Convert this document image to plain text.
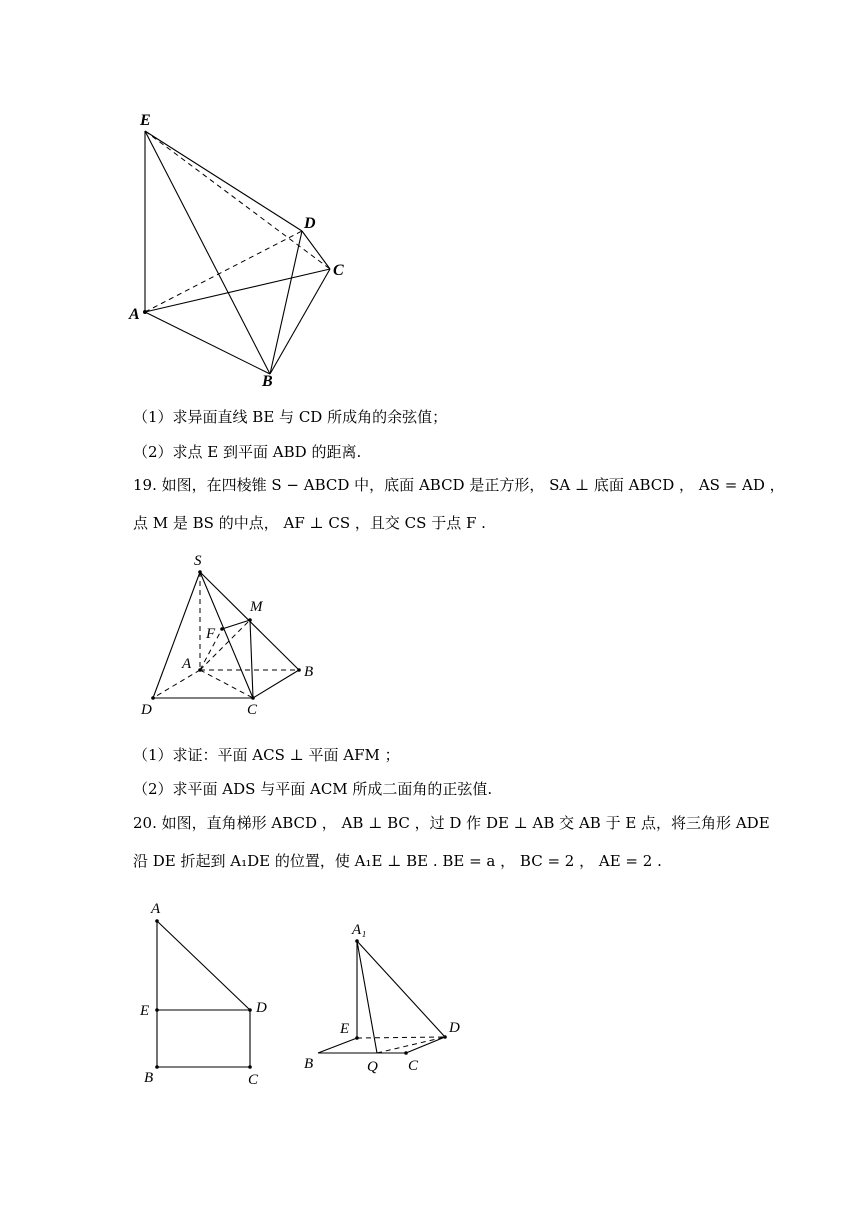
E
D
C
A
B
（1）求异面直线 BE 与 CD 所成角的余弦值；
（2）求点 E 到平面 ABD 的距离.
19. 如图，在四棱锥 S − ABCD 中，底面 ABCD 是正方形， SA ⊥ 底面 ABCD ， AS = AD ，
点 M 是 BS 的中点， AF ⊥ CS ，且交 CS 于点 F .
S
M
F
A	B
D	C
（1）求证：平面 ACS ⊥ 平面 AFM ；
（2）求平面 ADS 与平面 ACM 所成二面角的正弦值.
20. 如图，直角梯形 ABCD ， AB ⊥ BC ，过 D 作 DE ⊥ AB 交 AB 于 E 点，将三角形 ADE
沿 DE 折起到 A₁DE 的位置，使 A₁E ⊥ BE . BE = a ， BC = 2 ， AE = 2 .
A
E	D
B	C
A₁
E	D
B	Q C
